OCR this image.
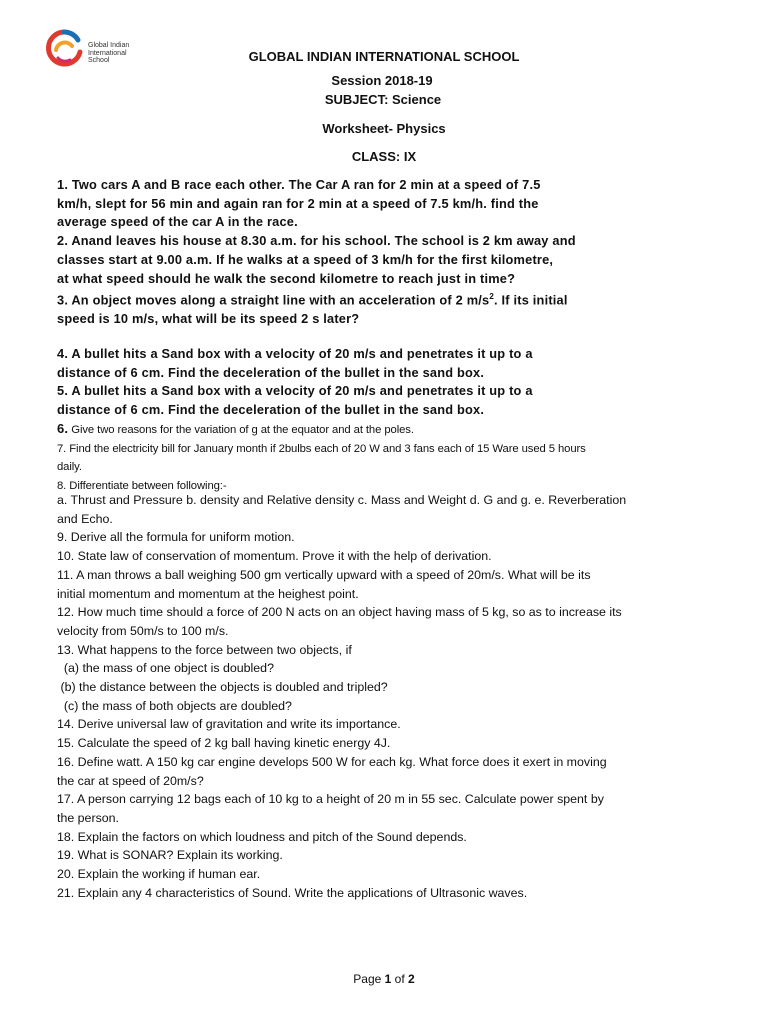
Global Indian
International
School	GLOBAL INDIAN INTERNATIONAL SCHOOL
Session 2018-19
SUBJECT: Science
Worksheet- Physics
CLASS: IX
1. Two cars A and B race each other. The Car A ran for 2 min at a speed of 7.5
km/h, slept for 56 min and again ran for 2 min at a speed of 7.5 km/h. find the
average speed of the car A in the race.
2. Anand leaves his house at 8.30 a.m. for his school. The school is 2 km away and
classes start at 9.00 a.m. If he walks at a speed of 3 km/h for the first kilometre,
at what speed should he walk the second kilometre to reach just in time?
3. An object moves along a straight line with an acceleration of 2 $m/s^2$. If its initial
speed is 10 m/s, what will be its speed 2 s later?
4. A bullet hits a Sand box with a velocity of 20 m/s and penetrates it up to a
distance of 6 cm. Find the deceleration of the bullet in the sand box.
5. A bullet hits a Sand box with a velocity of 20 m/s and penetrates it up to a
distance of 6 cm. Find the deceleration of the bullet in the sand box.
6. Give two reasons for the variation of g at the equator and at the poles.
7. Find the electricity bill for January month if 2bulbs each of 20 W and 3 fans each of 15 Ware used 5 hours
daily.
8. Differentiate between following:-
a. Thrust and Pressure b. density and Relative density c. Mass and Weight d. G and g. e. Reverberation
and Echo.
9. Derive all the formula for uniform motion.
10. State law of conservation of momentum. Prove it with the help of derivation.
11. A man throws a ball weighing 500 gm vertically upward with a speed of 20m/s. What will be its
initial momentum and momentum at the heighest point.
12. How much time should a force of 200 N acts on an object having mass of 5 kg, so as to increase its
velocity from 50m/s to 100 m/s.
13. What happens to the force between two objects, if
(a) the mass of one object is doubled?
(b) the distance between the objects is doubled and tripled?
(c) the mass of both objects are doubled?
14. Derive universal law of gravitation and write its importance.
15. Calculate the speed of 2 kg ball having kinetic energy 4J.
16. Define watt. A 150 kg car engine develops 500 W for each kg. What force does it exert in moving
the car at speed of 20m/s?
17. A person carrying 12 bags each of 10 kg to a height of 20 m in 55 sec. Calculate power spent by
the person.
18. Explain the factors on which loudness and pitch of the Sound depends.
19. What is SONAR? Explain its working.
20. Explain the working if human ear.
21. Explain any 4 characteristics of Sound. Write the applications of Ultrasonic waves.
Page 1 of 2
